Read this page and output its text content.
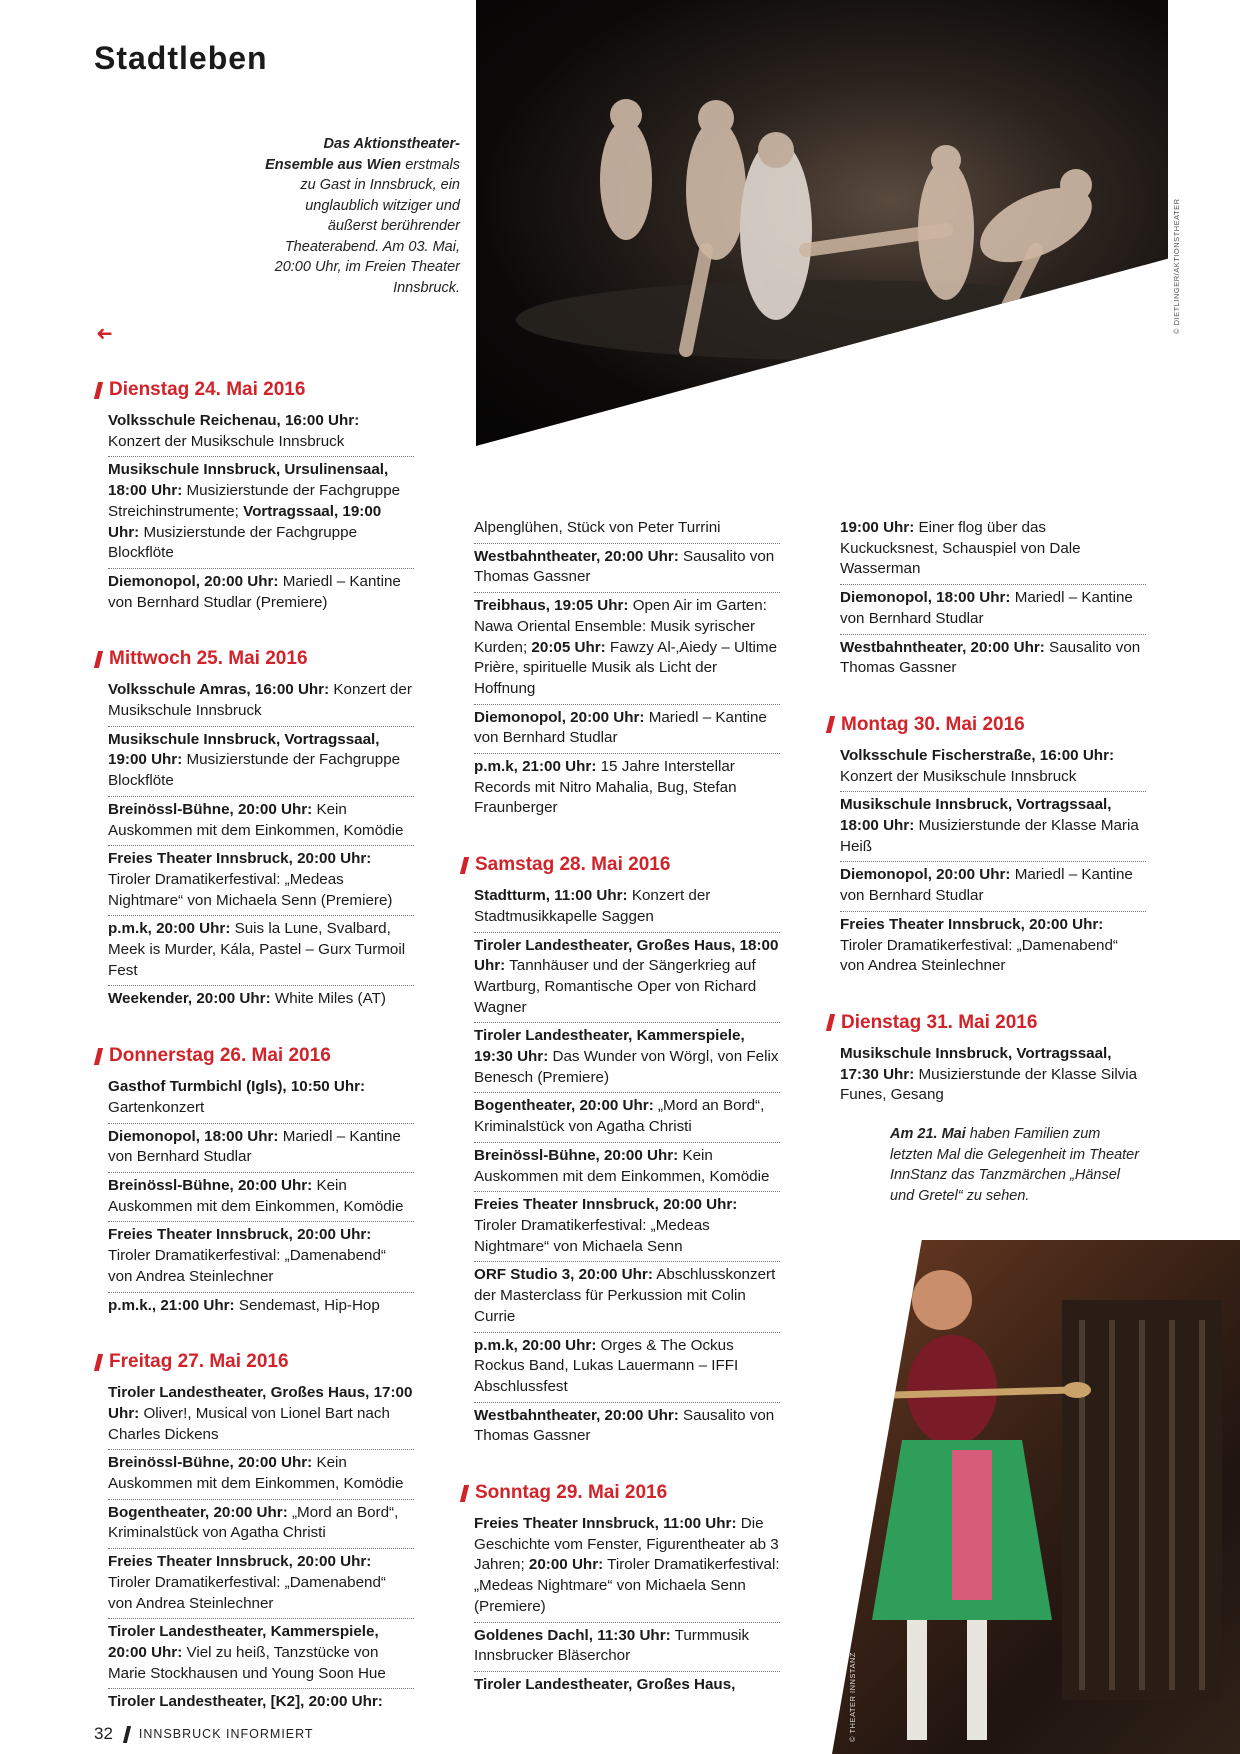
Stadtleben
© DIETLINGER/AKTIONSTHEATER
Das Aktionstheater-Ensemble aus Wien erstmals zu Gast in Innsbruck, ein unglaublich witziger und äußerst berührender Theaterabend. Am 03. Mai, 20:00 Uhr, im Freien Theater Innsbruck.
➜
Dienstag 24. Mai 2016

Volksschule Reichenau, 16:00 Uhr: Konzert der Musikschule Innsbruck

Musikschule Innsbruck, Ursulinensaal, 18:00 Uhr: Musizierstunde der Fachgruppe Streichinstrumente; Vortragssaal, 19:00 Uhr: Musizierstunde der Fachgruppe Blockflöte

Diemonopol, 20:00 Uhr: Mariedl – Kantine von Bernhard Studlar (Premiere)

Mittwoch 25. Mai 2016

Volksschule Amras, 16:00 Uhr: Konzert der Musikschule Innsbruck

Musikschule Innsbruck, Vortragssaal, 19:00 Uhr: Musizierstunde der Fachgruppe Blockflöte

Breinössl-Bühne, 20:00 Uhr: Kein Auskommen mit dem Einkommen, Komödie

Freies Theater Innsbruck, 20:00 Uhr: Tiroler Dramatikerfestival: „Medeas Nightmare“ von Michaela Senn (Premiere)

p.m.k, 20:00 Uhr: Suis la Lune, Svalbard, Meek is Murder, Kála, Pastel – Gurx Turmoil Fest

Weekender, 20:00 Uhr: White Miles (AT)

Donnerstag 26. Mai 2016

Gasthof Turmbichl (Igls), 10:50 Uhr: Gartenkonzert

Diemonopol, 18:00 Uhr: Mariedl – Kantine von Bernhard Studlar

Breinössl-Bühne, 20:00 Uhr: Kein Auskommen mit dem Einkommen, Komödie

Freies Theater Innsbruck, 20:00 Uhr: Tiroler Dramatikerfestival: „Damenabend“ von Andrea Steinlechner

p.m.k., 21:00 Uhr: Sendemast, Hip-Hop

Freitag 27. Mai 2016

Tiroler Landestheater, Großes Haus, 17:00 Uhr: Oliver!, Musical von Lionel Bart nach Charles Dickens

Breinössl-Bühne, 20:00 Uhr: Kein Auskommen mit dem Einkommen, Komödie

Bogentheater, 20:00 Uhr: „Mord an Bord“, Kriminalstück von Agatha Christi

Freies Theater Innsbruck, 20:00 Uhr: Tiroler Dramatikerfestival: „Damenabend“ von Andrea Steinlechner

Tiroler Landestheater, Kammerspiele, 20:00 Uhr: Viel zu heiß, Tanzstücke von Marie Stockhausen und Young Soon Hue

Tiroler Landestheater, [K2], 20:00 Uhr:

Alpenglühen, Stück von Peter Turrini

Westbahntheater, 20:00 Uhr: Sausalito von Thomas Gassner

Treibhaus, 19:05 Uhr: Open Air im Garten: Nawa Oriental Ensemble: Musik syrischer Kurden; 20:05 Uhr: Fawzy Al-‚Aiedy – Ultime Prière, spirituelle Musik als Licht der Hoffnung

Diemonopol, 20:00 Uhr: Mariedl – Kantine von Bernhard Studlar

p.m.k, 21:00 Uhr: 15 Jahre Interstellar Records mit Nitro Mahalia, Bug, Stefan Fraunberger

Samstag 28. Mai 2016

Stadtturm, 11:00 Uhr: Konzert der Stadtmusikkapelle Saggen

Tiroler Landestheater, Großes Haus, 18:00 Uhr: Tannhäuser und der Sängerkrieg auf Wartburg, Romantische Oper von Richard Wagner

Tiroler Landestheater, Kammerspiele, 19:30 Uhr: Das Wunder von Wörgl, von Felix Benesch (Premiere)

Bogentheater, 20:00 Uhr: „Mord an Bord“, Kriminalstück von Agatha Christi

Breinössl-Bühne, 20:00 Uhr: Kein Auskommen mit dem Einkommen, Komödie

Freies Theater Innsbruck, 20:00 Uhr: Tiroler Dramatikerfestival: „Medeas Nightmare“ von Michaela Senn

ORF Studio 3, 20:00 Uhr: Abschlusskonzert der Masterclass für Perkussion mit Colin Currie

p.m.k, 20:00 Uhr: Orges & The Ockus Rockus Band, Lukas Lauermann – IFFI Abschlussfest

Westbahntheater, 20:00 Uhr: Sausalito von Thomas Gassner

Sonntag 29. Mai 2016

Freies Theater Innsbruck, 11:00 Uhr: Die Geschichte vom Fenster, Figurentheater ab 3 Jahren; 20:00 Uhr: Tiroler Dramatikerfestival: „Medeas Nightmare“ von Michaela Senn (Premiere)

Goldenes Dachl, 11:30 Uhr: Turmmusik Innsbrucker Bläserchor

Tiroler Landestheater, Großes Haus,

19:00 Uhr: Einer flog über das Kuckucksnest, Schauspiel von Dale Wasserman

Diemonopol, 18:00 Uhr: Mariedl – Kantine von Bernhard Studlar

Westbahntheater, 20:00 Uhr: Sausalito von Thomas Gassner

Montag 30. Mai 2016

Volksschule Fischerstraße, 16:00 Uhr: Konzert der Musikschule Innsbruck

Musikschule Innsbruck, Vortragssaal, 18:00 Uhr: Musizierstunde der Klasse Maria Heiß

Diemonopol, 20:00 Uhr: Mariedl – Kantine von Bernhard Studlar

Freies Theater Innsbruck, 20:00 Uhr: Tiroler Dramatikerfestival: „Damenabend“ von Andrea Steinlechner

Dienstag 31. Mai 2016

Musikschule Innsbruck, Vortragssaal, 17:30 Uhr: Musizierstunde der Klasse Silvia Funes, Gesang

Am 21. Mai haben Familien zum letzten Mal die Gelegenheit im Theater InnStanz das Tanzmärchen „Hänsel und Gretel“ zu sehen.
© THEATER INNSTANZ
32 INNSBRUCK INFORMIERT
